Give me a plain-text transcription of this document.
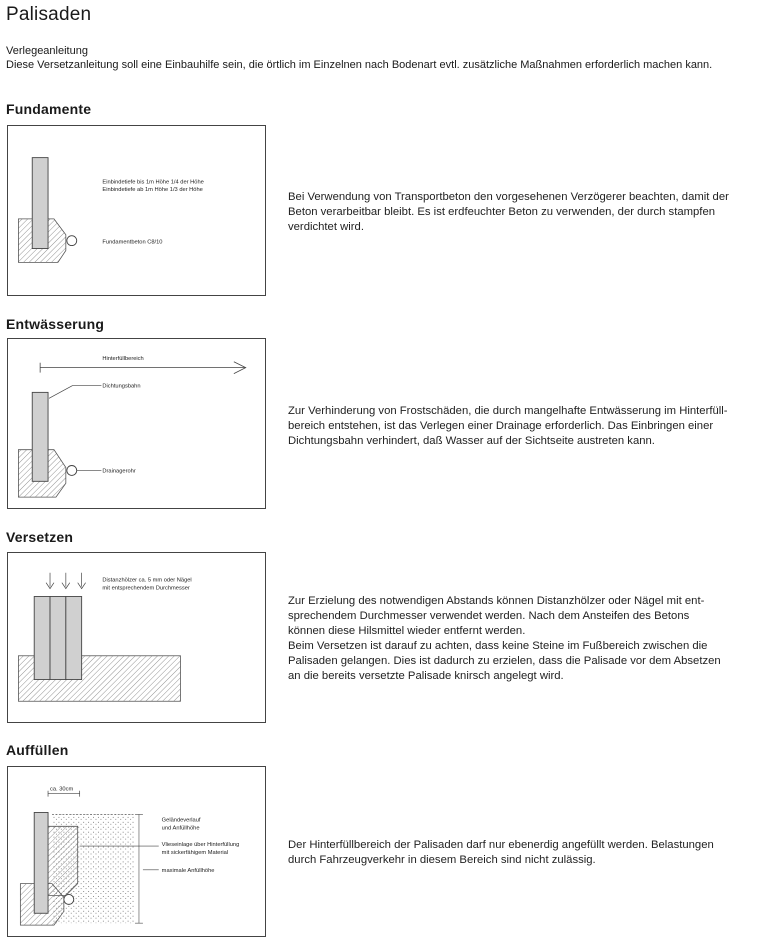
Palisaden
Verlegeanleitung
Diese Versetzanleitung soll eine Einbauhilfe sein, die örtlich im Einzelnen nach Bodenart evtl. zusätzliche Maßnahmen erforderlich machen kann.
Fundamente
Einbindetiefe bis 1m Höhe 1/4 der Höhe
Einbindetiefe ab 1m Höhe 1/3 der Höhe
Fundamentbeton C8/10
Bei Verwendung von Transportbeton den vorgesehenen Verzögerer beachten, damit der
Beton verarbeitbar bleibt. Es ist erdfeuchter Beton zu verwenden, der durch stampfen
verdichtet wird.
Entwässerung
Hinterfüllbereich
Dichtungsbahn
Drainagerohr
Zur Verhinderung von Frostschäden, die durch mangelhafte Entwässerung im Hinterfüll-
bereich entstehen, ist das Verlegen einer Drainage erforderlich. Das Einbringen einer
Dichtungsbahn verhindert, daß Wasser auf der Sichtseite austreten kann.
Versetzen
Distanzhölzer ca. 5 mm oder Nägel
mit entsprechendem Durchmesser
Zur Erzielung des notwendigen Abstands können Distanzhölzer oder Nägel mit ent-
sprechendem Durchmesser verwendet werden. Nach dem Ansteifen des Betons
können diese Hilsmittel wieder entfernt werden.
Beim Versetzen ist darauf zu achten, dass keine Steine im Fußbereich zwischen die
Palisaden gelangen. Dies ist dadurch zu erzielen, dass die Palisade vor dem Absetzen
an die bereits versetzte Palisade knirsch angelegt wird.
Auffüllen
ca. 30cm
Geländeverlauf
und Anfüllhöhe
Vlieseinlage über Hinterfüllung
mit sickerfähigem Material
maximale Anfüllhöhe
Der Hinterfüllbereich der Palisaden darf nur ebenerdig angefüllt werden. Belastungen
durch Fahrzeugverkehr in diesem Bereich sind nicht zulässig.
